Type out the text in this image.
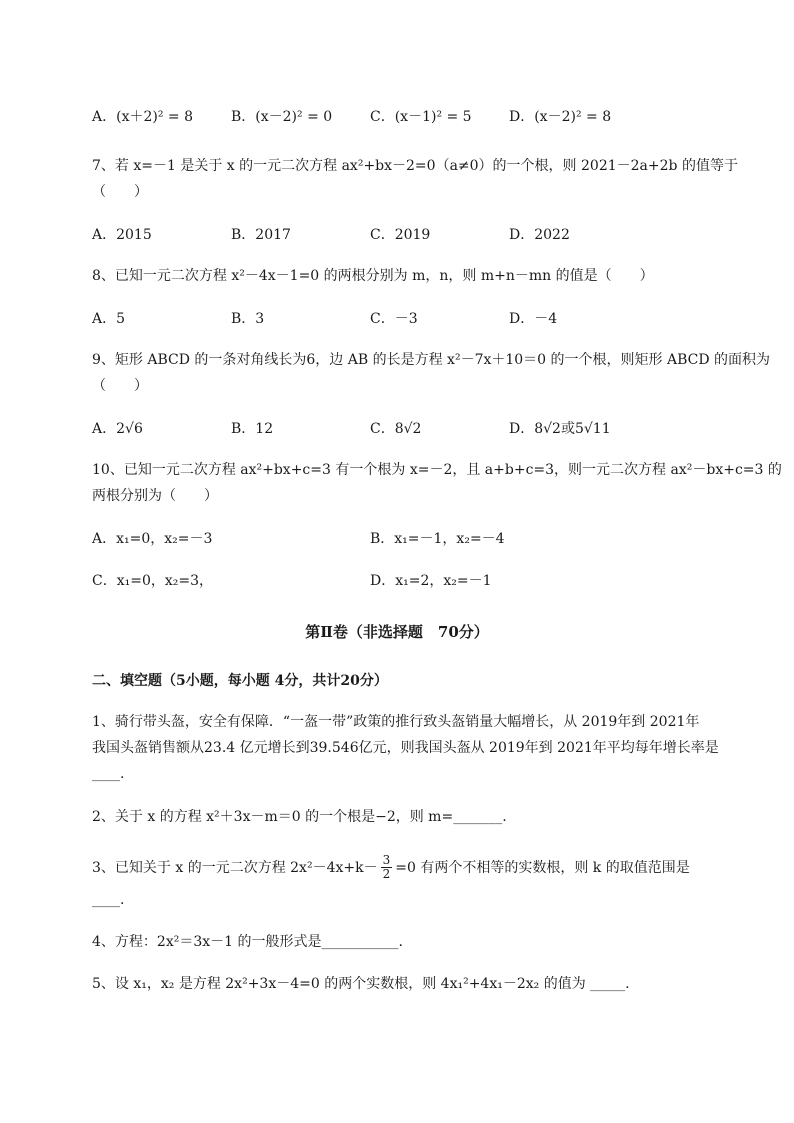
A．(x＋2)² = 8	B．(x－2)² = 0	C．(x－1)² = 5	D．(x－2)² = 8
7、若 x=－1 是关于 x 的一元二次方程 ax²+bx－2=0（a≠0）的一个根，则 2021－2a+2b 的值等于
（　　）
A．2015	B．2017	C．2019	D．2022
8、已知一元二次方程 x²－4x－1=0 的两根分别为 m，n，则 m+n－mn 的值是（　　）
A．5	B．3	C．－3	D．－4
9、矩形 ABCD 的一条对角线长为6，边 AB 的长是方程 x²－7x＋10＝0 的一个根，则矩形 ABCD 的面积为
（　　）
A．2√6	B．12	C．8√2	D．8√2或5√11
10、已知一元二次方程 ax²+bx+c=3 有一个根为 x=－2，且 a+b+c=3，则一元二次方程 ax²－bx+c=3 的
两根分别为（　　）
A．x₁=0，x₂=－3	B．x₁=－1，x₂=－4
C．x₁=0，x₂=3，	D．x₁=2，x₂=－1
第Ⅱ卷（非选择题　70分）
二、填空题（5小题，每小题 4分，共计20分）
1、骑行带头盔，安全有保障．“一盔一带”政策的推行致头盔销量大幅增长，从 2019年到 2021年
我国头盔销售额从23.4 亿元增长到39.546亿元，则我国头盔从 2019年到 2021年平均每年增长率是
____.
2、关于 x 的方程 x²＋3x－m＝0 的一个根是−2，则 m=_______.
3、已知关于 x 的一元二次方程 $2x^2-4x+k- \frac{3}{2} =0$ 有两个不相等的实数根，则 k 的取值范围是
____.
4、方程：2x²＝3x－1 的一般形式是___________.
5、设 x₁，x₂ 是方程 2x²+3x－4=0 的两个实数根，则 4x₁²+4x₁－2x₂ 的值为 _____.
